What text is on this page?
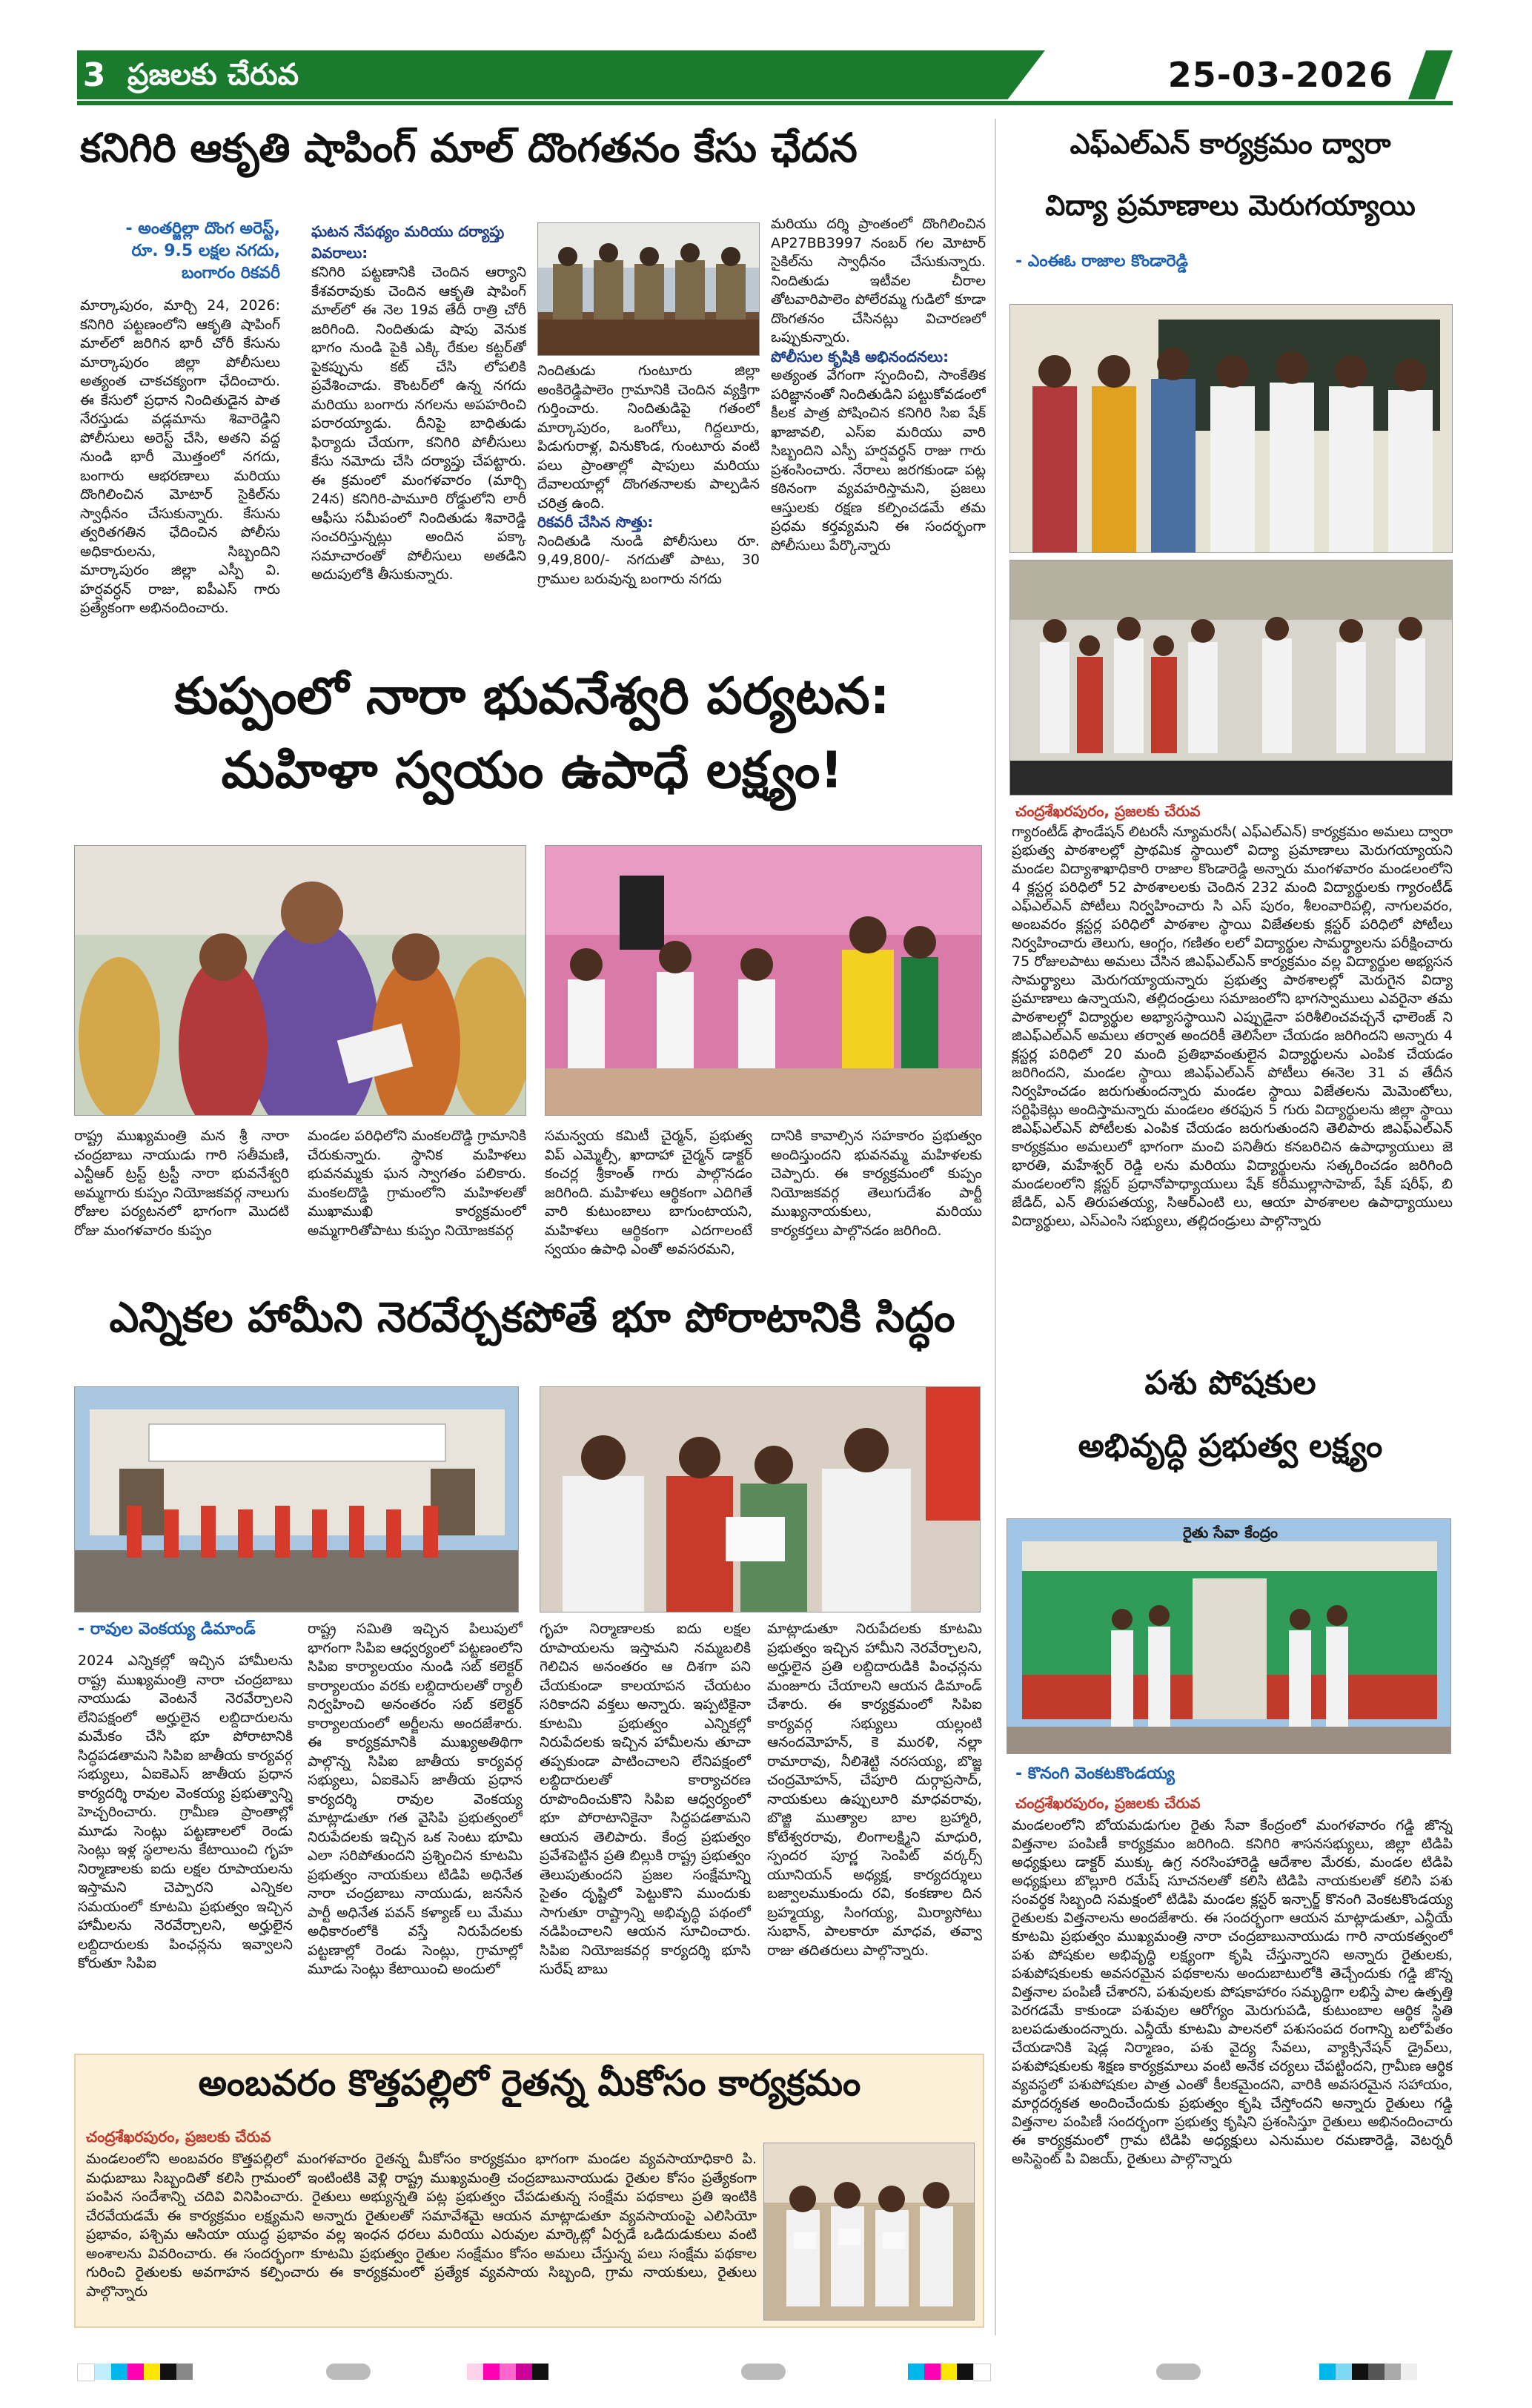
3 ప్రజలకు చేరువ	25-03-2026
కనిగిరి ఆకృతి షాపింగ్ మాల్ దొంగతనం కేసు ఛేదన
- అంతర్జిల్లా దొంగ అరెస్ట్,
రూ. 9.5 లక్షల నగదు,
బంగారం రికవరీ

మార్కాపురం, మార్చి 24, 2026: కనిగిరి పట్టణంలోని ఆకృతి షాపింగ్ మాల్‌లో జరిగిన భారీ చోరీ కేసును మార్కాపురం జిల్లా పోలీసులు అత్యంత చాకచక్యంగా ఛేదించారు. ఈ కేసులో ప్రధాన నిందితుడైన పాత నేరస్తుడు వడ్లమాను శివారెడ్డిని పోలీసులు అరెస్ట్ చేసి, అతని వద్ద నుండి భారీ మొత్తంలో నగదు, బంగారు ఆభరణాలు మరియు దొంగిలించిన మోటార్ సైకిల్‌ను స్వాధీనం చేసుకున్నారు. కేసును త్వరితగతిన ఛేదించిన పోలీసు అధికారులను, సిబ్బందిని మార్కాపురం జిల్లా ఎస్పీ వి. హర్షవర్ధన్ రాజు, ఐపీఎస్ గారు ప్రత్యేకంగా అభినందించారు.

ఘటన నేపథ్యం మరియు దర్యాప్తు వివరాలు:

కనిగిరి పట్టణానికి చెందిన ఆర్యాని కేశవరావుకు చెందిన ఆకృతి షాపింగ్ మాల్‌లో ఈ నెల 19వ తేదీ రాత్రి చోరీ జరిగింది. నిందితుడు షాపు వెనుక భాగం నుండి పైకి ఎక్కి రేకుల కట్టర్‌తో పైకప్పును కట్ చేసి లోపలికి ప్రవేశించాడు. కౌంటర్‌లో ఉన్న నగదు మరియు బంగారు నగలను అపహరించి పరారయ్యాడు. దీనిపై బాధితుడు ఫిర్యాదు చేయగా, కనిగిరి పోలీసులు కేసు నమోదు చేసి దర్యాప్తు చేపట్టారు. ఈ క్రమంలో మంగళవారం (మార్చి 24న) కనిగిరి-పామూరి రోడ్డులోని లారీ ఆఫీసు సమీపంలో నిందితుడు శివారెడ్డి సంచరిస్తున్నట్లు అందిన పక్కా సమాచారంతో పోలీసులు అతడిని అదుపులోకి తీసుకున్నారు.

నిందితుడు గుంటూరు జిల్లా అంకిరెడ్డిపాలెం గ్రామానికి చెందిన వ్యక్తిగా గుర్తించారు. నిందితుడిపై గతంలో మార్కాపురం, ఒంగోలు, గిద్దలూరు, పిడుగురాళ్ల, వినుకొండ, గుంటూరు వంటి పలు ప్రాంతాల్లో షాపులు మరియు దేవాలయాల్లో దొంగతనాలకు పాల్పడిన చరిత్ర ఉంది.

రికవరీ చేసిన సొత్తు:

నిందితుడి నుండి పోలీసులు రూ. 9,49,800/- నగదుతో పాటు, 30 గ్రాముల బరువున్న బంగారు నగదు

మరియు దర్శి ప్రాంతంలో దొంగిలించిన AP27BB3997 నంబర్ గల మోటార్ సైకిల్‌ను స్వాధీనం చేసుకున్నారు. నిందితుడు ఇటీవల చీరాల తోటవారిపాలెం పోలేరమ్మ గుడిలో కూడా దొంగతనం చేసినట్లు విచారణలో ఒప్పుకున్నారు.

పోలీసుల కృషికి అభినందనలు:

అత్యంత వేగంగా స్పందించి, సాంకేతిక పరిజ్ఞానంతో నిందితుడిని పట్టుకోవడంలో కీలక పాత్ర పోషించిన కనిగిరి సిఐ షేక్ ఖాజావలి, ఎస్ఐ మరియు వారి సిబ్బందిని ఎస్పీ హర్షవర్ధన్ రాజు గారు ప్రశంసించారు. నేరాలు జరగకుండా పట్ల కఠినంగా వ్యవహరిస్తామని, ప్రజలు ఆస్తులకు రక్షణ కల్పించడమే తమ ప్రధమ కర్తవ్యమని ఈ సందర్భంగా పోలీసులు పేర్కొన్నారు

కుప్పంలో నారా భువనేశ్వరి పర్యటన:
మహిళా స్వయం ఉపాధే లక్ష్యం!

రాష్ట్ర ముఖ్యమంత్రి మన శ్రీ నారా చంద్రబాబు నాయుడు గారి సతీమణి, ఎన్టీఆర్ ట్రస్ట్ ట్రస్టీ నారా భువనేశ్వరి అమ్మగారు కుప్పం నియోజకవర్గ నాలుగు రోజుల పర్యటనలో భాగంగా మొదటి రోజు మంగళవారం కుప్పం

మండల పరిధిలోని మంకలదొడ్డి గ్రామానికి చేరుకున్నారు. స్థానిక మహిళలు భువనమ్మకు ఘన స్వాగతం పలికారు. మంకలదొడ్డి గ్రామంలోని మహిళలతో ముఖాముఖి కార్యక్రమంలో అమ్మగారితోపాటు కుప్పం నియోజకవర్గ

సమన్వయ కమిటీ చైర్మన్, ప్రభుత్వ విప్ ఎమ్మెల్సీ, ఖాదాహా చైర్మన్ డాక్టర్ కంచర్ల శ్రీకాంత్ గారు పాల్గొనడం జరిగింది. మహిళలు ఆర్థికంగా ఎదిగితే వారి కుటుంబాలు బాగుంటాయని, మహిళలు ఆర్థికంగా ఎదగాలంటే స్వయం ఉపాధి ఎంతో అవసరమని,

దానికి కావాల్సిన సహకారం ప్రభుత్వం అందిస్తుందని భువనమ్మ మహిళలకు చెప్పారు. ఈ కార్యక్రమంలో కుప్పం నియోజకవర్గ తెలుగుదేశం పార్టీ ముఖ్యనాయకులు, మరియు కార్యకర్తలు పాల్గొనడం జరిగింది.

ఎన్నికల హామీని నెరవేర్చకపోతే భూ పోరాటానికి సిద్ధం
- రావుల వెంకయ్య డిమాండ్

2024 ఎన్నికల్లో ఇచ్చిన హామీలను రాష్ట్ర ముఖ్యమంత్రి నారా చంద్రబాబు నాయుడు వెంటనే నెరవేర్చాలని లేనిపక్షంలో అర్హులైన లబ్దిదారులను మమేకం చేసి భూ పోరాటానికి సిద్ధపడతామని సిపిఐ జాతీయ కార్యవర్గ సభ్యులు, ఏఐకెఎస్ జాతీయ ప్రధాన కార్యదర్శి రావుల వెంకయ్య ప్రభుత్వాన్ని హెచ్చరించారు. గ్రామీణ ప్రాంతాల్లో మూడు సెంట్లు పట్టణాలలో రెండు సెంట్లు ఇళ్ల స్థలాలను కేటాయించి గృహ నిర్మాణాలకు ఐదు లక్షల రూపాయలను ఇస్తామని చెప్పారని ఎన్నికల సమయంలో కూటమి ప్రభుత్వం ఇచ్చిన హామీలను నెరవేర్చాలని, అర్హులైన లబ్దిదారులకు పింఛన్లను ఇవ్వాలని కోరుతూ సిపిఐ

రాష్ట్ర సమితి ఇచ్చిన పిలుపులో భాగంగా సిపిఐ ఆధ్వర్యంలో పట్టణంలోని సిపిఐ కార్యాలయం నుండి సబ్ కలెక్టర్ కార్యాలయం వరకు లబ్దిదారులతో ర్యాలీ నిర్వహించి అనంతరం సబ్ కలెక్టర్ కార్యాలయంలో అర్జీలను అందజేశారు. ఈ కార్యక్రమానికి ముఖ్యఅతిథిగా పాల్గొన్న సిపిఐ జాతీయ కార్యవర్గ సభ్యులు, ఏఐకెఎస్ జాతీయ ప్రధాన కార్యదర్శి రావుల వెంకయ్య మాట్లాడుతూ గత వైసిపి ప్రభుత్వంలో నిరుపేదలకు ఇచ్చిన ఒక సెంటు భూమి ఎలా సరిపోతుందని ప్రశ్నించిన కూటమి ప్రభుత్వం నాయకులు టిడిపి అధినేత నారా చంద్రబాబు నాయుడు, జనసేన పార్టీ అధినేత పవన్ కళ్యాణ్ లు మేము అధికారంలోకి వస్తే నిరుపేదలకు పట్టణాల్లో రెండు సెంట్లు, గ్రామాల్లో మూడు సెంట్లు కేటాయించి అందులో

గృహ నిర్మాణాలకు ఐదు లక్షల రూపాయలను ఇస్తామని నమ్మబలికి గెలిచిన అనంతరం ఆ దిశగా పని చేయకుండా కాలయాపన చేయటం సరికాదని వక్తలు అన్నారు. ఇప్పటికైనా కూటమి ప్రభుత్వం ఎన్నికల్లో నిరుపేదలకు ఇచ్చిన హామీలను తూచా తప్పకుండా పాటించాలని లేనిపక్షంలో లబ్దిదారులతో కార్యాచరణ రూపొందించుకొని సిపిఐ ఆధ్వర్యంలో భూ పోరాటానికైనా సిద్ధపడతామని ఆయన తెలిపారు. కేంద్ర ప్రభుత్వం ప్రవేశపెట్టిన ప్రతి బిల్లుకి రాష్ట్ర ప్రభుత్వం తెలుపుతుందని ప్రజల సంక్షేమాన్ని సైతం దృష్టిలో పెట్టుకొని ముందుకు సాగుతూ రాష్ట్రాన్ని అభివృద్ధి పథంలో నడిపించాలని ఆయన సూచించారు. సిపిఐ నియోజకవర్గ కార్యదర్శి భూసి సురేష్ బాబు

మాట్లాడుతూ నిరుపేదలకు కూటమి ప్రభుత్వం ఇచ్చిన హామీని నెరవేర్చాలని, అర్హులైన ప్రతి లబ్దిదారుడికి పింఛన్లను మంజూరు చేయాలని ఆయన డిమాండ్ చేశారు. ఈ కార్యక్రమంలో సిపిఐ కార్యవర్గ సభ్యులు యల్లంటి ఆనందమోహన్, కె మురళి, నల్లా రామారావు, నీలిశెట్టి నరసయ్య, బొజ్జ చంద్రమోహన్, చేపూరి దుర్గాప్రసాద్, నాయకులు ఉప్పులూరి మాధవరావు, బొజ్జి ముత్యాల బాల బ్రహ్మారి, కోటేశ్వరరావు, లింగాలక్ష్మిని మాధురి, స్పందర పూర్ణ సెంపిట్ వర్కర్స్ యూనియన్ అధ్యక్ష, కార్యదర్శులు బజ్వాలముకుందు రవి, కంకణాల దిన బ్రహ్మయ్య, సింగయ్య, మిర్యాసోటు సుభాన్, పాలకారూ మాధవ, తవ్వా రాజు తదితరులు పాల్గొన్నారు.

అంబవరం కొత్తపల్లిలో రైతన్న మీకోసం కార్యక్రమం
చంద్రశేఖరపురం, ప్రజలకు చేరువ

మండలంలోని అంబవరం కొత్తపల్లిలో మంగళవారం రైతన్న మీకోసం కార్యక్రమం భాగంగా మండల వ్యవసాయాధికారి పి. మధుబాబు సిబ్బందితో కలిసి గ్రామంలో ఇంటింటికి వెళ్లి రాష్ట్ర ముఖ్యమంత్రి చంద్రబాబునాయుడు రైతుల కోసం ప్రత్యేకంగా పంపిన సందేశాన్ని చదివి వినిపించారు. రైతులు అభ్యున్నతి పట్ల ప్రభుత్వం చేపడుతున్న సంక్షేమ పథకాలు ప్రతి ఇంటికి చేరవేయడమే ఈ కార్యక్రమం లక్ష్యమని అన్నారు రైతులతో సమావేశమై ఆయన మాట్లాడుతూ వ్యవసాయంపై ఎలిసియో ప్రభావం, పశ్చిమ ఆసియా యుద్ధ ప్రభావం వల్ల ఇంధన ధరలు మరియు ఎరువుల మార్కెట్లో ఏర్పడే ఒడిదుడుకులు వంటి అంశాలను వివరించారు. ఈ సందర్భంగా కూటమి ప్రభుత్వం రైతుల సంక్షేమం కోసం అమలు చేస్తున్న పలు సంక్షేమ పథకాల గురించి రైతులకు అవగాహన కల్పించారు ఈ కార్యక్రమంలో ప్రత్యేక వ్యవసాయ సిబ్బంది, గ్రామ నాయకులు, రైతులు పాల్గొన్నారు

ఎఫ్ఎల్ఎన్ కార్యక్రమం ద్వారా
విద్యా ప్రమాణాలు మెరుగయ్యాయి
- ఎంఈఓ రాజాల కొండారెడ్డి
చంద్రశేఖరపురం, ప్రజలకు చేరువ

గ్యారంటీడ్ ఫౌండేషన్ లిటరసీ న్యూమరసీ( ఎఫ్ఎల్ఎన్) కార్యక్రమం అమలు ద్వారా ప్రభుత్వ పాఠశాలల్లో ప్రాథమిక స్థాయిలో విద్యా ప్రమాణాలు మెరుగయ్యాయని మండల విద్యాశాఖాధికారి రాజాల కొండారెడ్డి అన్నారు మంగళవారం మండలంలోని 4 క్లస్టర్ల పరిధిలో 52 పాఠశాలలకు చెందిన 232 మంది విద్యార్థులకు గ్యారంటీడ్ ఎఫ్ఎల్ఎన్ పోటీలు నిర్వహించారు సి ఎస్ పురం, శీలంవారిపల్లి, నాగులవరం, అంబవరం క్లస్టర్ల పరిధిలో పాఠశాల స్థాయి విజేతలకు క్లస్టర్ పరిధిలో పోటీలు నిర్వహించారు తెలుగు, ఆంగ్లం, గణితం లలో విద్యార్థుల సామర్థ్యాలను పరీక్షించారు 75 రోజులపాటు అమలు చేసిన జిఎఫ్ఎల్ఎన్ కార్యక్రమం వల్ల విద్యార్థుల అభ్యసన సామర్థ్యాలు మెరుగయ్యాయన్నారు ప్రభుత్వ పాఠశాలల్లో మెరుగైన విద్యా ప్రమాణాలు ఉన్నాయని, తల్లిదండ్రులు సమాజంలోని భాగస్వాములు ఎవరైనా తమ పాఠశాలల్లో విద్యార్థుల అభ్యాసస్థాయిని ఎప్పుడైనా పరిశీలించవచ్చనే ఛాలెంజ్ ని జిఎఫ్ఎల్ఎన్ అమలు తర్వాత అందరికీ తెలిసేలా చేయడం జరిగిందని అన్నారు 4 క్లస్టర్ల పరిధిలో 20 మంది ప్రతిభావంతులైన విద్యార్థులను ఎంపిక చేయడం జరిగిందని, మండల స్థాయి జిఎఫ్ఎల్ఎన్ పోటీలు ఈనెల 31 వ తేదీన నిర్వహించడం జరుగుతుందన్నారు మండల స్థాయి విజేతలను మెమెంటోలు, సర్టిఫికెట్లు అందిస్తామన్నారు మండలం తరఫున 5 గురు విద్యార్థులను జిల్లా స్థాయి జిఎఫ్ఎల్ఎన్ పోటీలకు ఎంపిక చేయడం జరుగుతుందని తెలిపారు జిఎఫ్ఎల్ఎన్ కార్యక్రమం అమలులో భాగంగా మంచి పనితీరు కనబరిచిన ఉపాధ్యాయులు జె భారతి, మహేశ్వర్ రెడ్డి లను మరియు విద్యార్థులను సత్కరించడం జరిగింది మండలంలోని క్లస్టర్ ప్రధానోపాధ్యాయులు షేక్ కరీముల్లాసాహెబ్, షేక్ షరీఫ్, బి జేడిద్, ఎన్ తిరుపతయ్య, సిఆర్ఎంటి లు, ఆయా పాఠశాలల ఉపాధ్యాయులు విద్యార్థులు, ఎస్ఎంసి సభ్యులు, తల్లిదండ్రులు పాల్గొన్నారు

పశు పోషకుల
అభివృద్ధి ప్రభుత్వ లక్ష్యం
రైతు సేవా కేంద్రం
- కొనంగి వెంకటకొండయ్య
చంద్రశేఖరపురం, ప్రజలకు చేరువ

మండలంలోని బోయమడుగుల రైతు సేవా కేంద్రంలో మంగళవారం గడ్డి జొన్న విత్తనాల పంపిణీ కార్యక్రమం జరిగింది. కనిగిరి శాసనసభ్యులు, జిల్లా టిడిపి అధ్యక్షులు డాక్టర్ ముక్కు ఉగ్ర నరసింహారెడ్డి ఆదేశాల మేరకు, మండల టిడిపి అధ్యక్షులు బొల్లూరి రమేష్ సూచనలతో కలిసి టిడిపి నాయకులతో కలిసి పశు సంవర్థక సిబ్బంది సమక్షంలో టిడిపి మండల క్లస్టర్ ఇన్చార్జ్ కొనంగి వెంకటకొండయ్య రైతులకు విత్తనాలను అందజేశారు. ఈ సందర్భంగా ఆయన మాట్లాడుతూ, ఎన్డీయే కూటమి ప్రభుత్వం ముఖ్యమంత్రి నారా చంద్రబాబునాయుడు గారి నాయకత్వంలో పశు పోషకుల అభివృద్ధి లక్ష్యంగా కృషి చేస్తున్నారని అన్నారు రైతులకు, పశుపోషకులకు అవసరమైన పథకాలను అందుబాటులోకి తెచ్చేందుకు గడ్డి జొన్న విత్తనాల పంపిణీ చేశారని, పశువులకు పోషకాహారం సమృద్ధిగా లభిస్తే పాల ఉత్పత్తి పెరగడమే కాకుండా పశువుల ఆరోగ్యం మెరుగుపడి, కుటుంబాల ఆర్థిక స్థితి బలపడుతుందన్నారు. ఎన్డీయే కూటమి పాలనలో పశుసంపద రంగాన్ని బలోపేతం చేయడానికి షెడ్ల నిర్మాణం, పశు వైద్య సేవలు, వ్యాక్సినేషన్ డ్రైవ్‌లు, పశుపోషకులకు శిక్షణ కార్యక్రమాలు వంటి అనేక చర్యలు చేపట్టిందని, గ్రామీణ ఆర్థిక వ్యవస్థలో పశుపోషకుల పాత్ర ఎంతో కీలకమైందని, వారికి అవసరమైన సహాయం, మార్గదర్శకత అందించేందుకు ప్రభుత్వం కృషి చేస్తోందని అన్నారు రైతులు గడ్డి విత్తనాల పంపిణీ సందర్భంగా ప్రభుత్వ కృషిని ప్రశంసిస్తూ రైతులు అభినందించారు ఈ కార్యక్రమంలో గ్రామ టిడిపి అధ్యక్షులు ఎనుముల రమణారెడ్డి, వెటర్నరీ అసిస్టెంట్ పి విజయ్, రైతులు పాల్గొన్నారు
